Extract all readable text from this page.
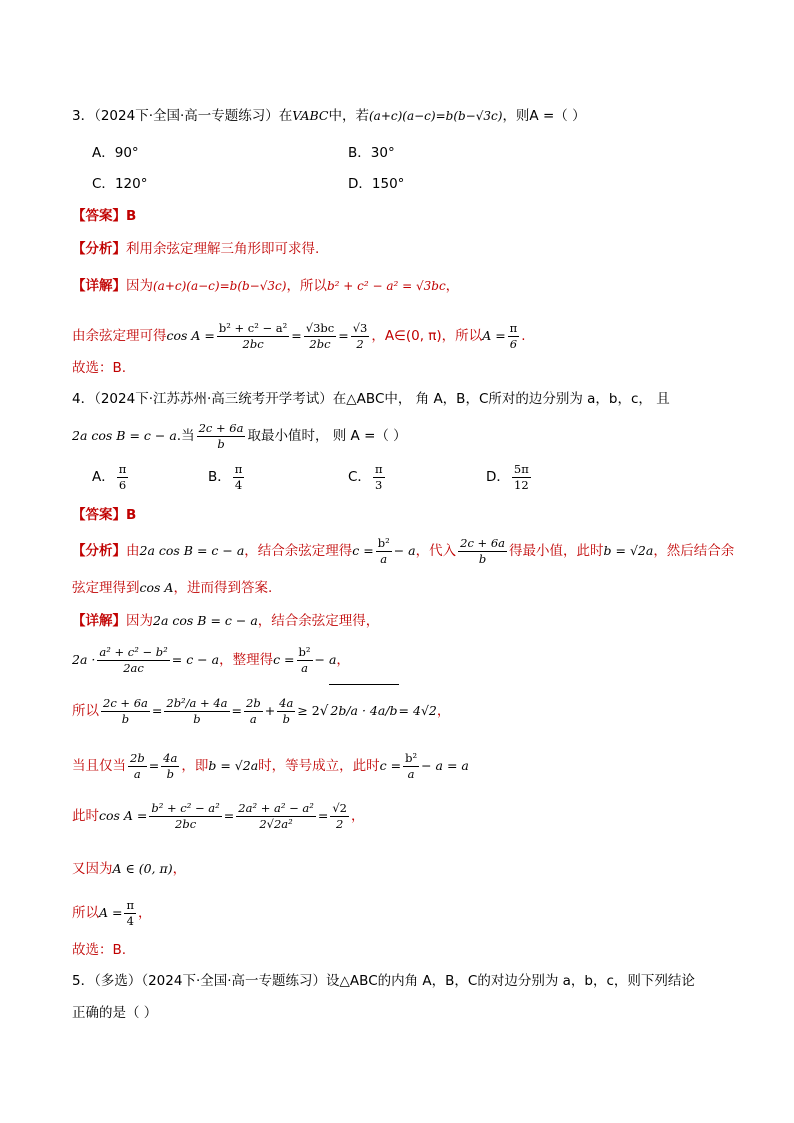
3．（2024下·全国·高一专题练习）在VABC中，若(a+c)(a−c)=b(b−√3c)，则A =（ ）
A．90°	B．30°
C．120°	D．150°
【答案】B
【分析】利用余弦定理解三角形即可求得.
【详解】因为(a+c)(a−c)=b(b−√3c)，所以b² + c² − a² = √3bc，
由余弦定理可得$\cos A = \frac{\text{b² + c² − a²}}{2bc} = \frac{√3bc}{2bc} = \frac{√3}{2}$ ，A∈(0, π)，所以$A = \frac{\pi}{6}$ .
故选：B.
4．（2024下·江苏苏州·高三统考开学考试）在△ABC中， 角 A，B，C所对的边分别为 a，b，c， 且
2a cos B = c − a.当 $\frac{2c + 6a}{b}$ 取最小值时， 则 A =（ ）
A． $\frac{\pi}{6}$	B． $\frac{\pi}{4}$	C． $\frac{\pi}{3}$	D． $\frac{5\pi}{12}$
【答案】B
【分析】由2a cos B = c − a，结合余弦定理得$c = \frac{\text{b²}}{a} - a$，代入 $\frac{2c + 6a}{b}$ 得最小值，此时b = √2a，然后结合余
弦定理得到cos A，进而得到答案.
【详解】因为2a cos B = c − a，结合余弦定理得，
$2a \cdot \frac{\text{a² + c² − b²}}{2ac} = c - a$，整理得$c = \frac{\text{b²}}{a} - a$，
所以 $\frac{2c + 6a}{b} = \frac{\text{2b²/a + 4a}}{b} = \frac{2b}{a} + \frac{4a}{b} \ge 2√$ 2b/a · 4a/b= 4√2，
当且仅当 $\frac{2b}{a} = \frac{4a}{b}$ ，即b = √2a时，等号成立，此时$c = \frac{\text{b²}}{a} - a = a$
此时$\cos A = \frac{\text{b² + c² − a²}}{2bc} = \frac{\text{2a² + a² − a²}}{\text{2√2a²}} = \frac{√2}{2}$ ，
又因为A ∈ (0, π)，
所以$A = \frac{\pi}{4}$ ，
故选：B.
5．（多选）（2024下·全国·高一专题练习）设△ABC的内角 A，B，C的对边分别为 a，b，c，则下列结论
正确的是（ ）
